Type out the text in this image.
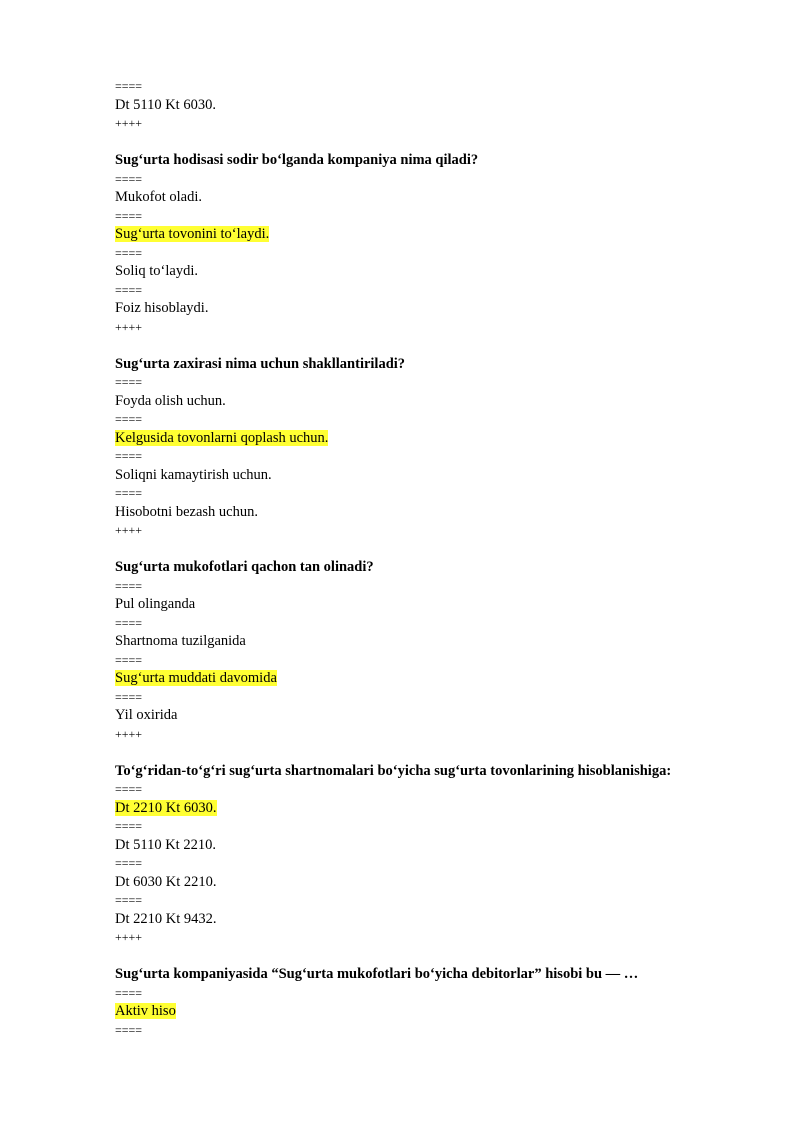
====
Dt 5110 Kt 6030.
++++
Sug‘urta hodisasi sodir bo‘lganda kompaniya nima qiladi?
====
Mukofot oladi.
====
Sug‘urta tovonini to‘laydi.
====
Soliq to‘laydi.
====
Foiz hisoblaydi.
++++
Sug‘urta zaxirasi nima uchun shakllantiriladi?
====
Foyda olish uchun.
====
Kelgusida tovonlarni qoplash uchun.
====
Soliqni kamaytirish uchun.
====
Hisobotni bezash uchun.
++++
Sug‘urta mukofotlari qachon tan olinadi?
====
Pul olinganda
====
Shartnoma tuzilganida
====
Sug‘urta muddati davomida
====
Yil oxirida
++++
To‘g‘ridan-to‘g‘ri sug‘urta shartnomalari bo‘yicha sug‘urta tovonlarining hisoblanishiga:
====
Dt 2210 Kt 6030.
====
Dt 5110 Kt 2210.
====
Dt 6030 Kt 2210.
====
Dt 2210 Kt 9432.
++++
Sug‘urta kompaniyasida “Sug‘urta mukofotlari bo‘yicha debitorlar” hisobi bu — …
====
Aktiv hiso
====
